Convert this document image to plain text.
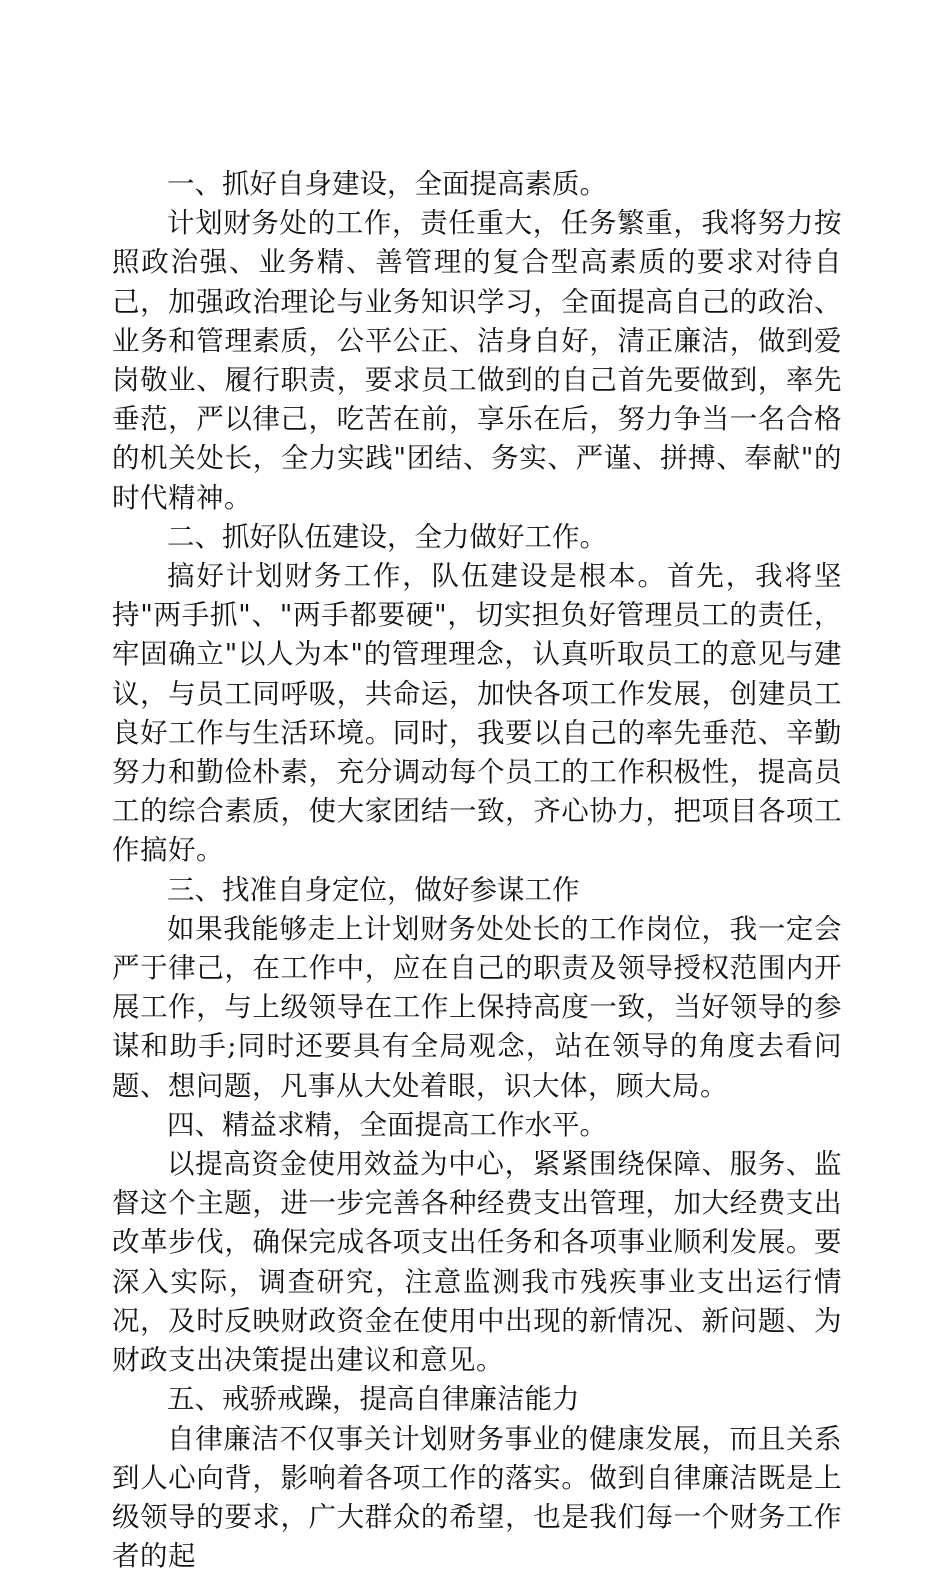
一、抓好自身建设，全面提高素质。

计划财务处的工作，责任重大，任务繁重，我将努力按照政治强、业务精、善管理的复合型高素质的要求对待自己，加强政治理论与业务知识学习，全面提高自己的政治、业务和管理素质，公平公正、洁身自好，清正廉洁，做到爱岗敬业、履行职责，要求员工做到的自己首先要做到，率先垂范，严以律己，吃苦在前，享乐在后，努力争当一名合格的机关处长，全力实践"团结、务实、严谨、拼搏、奉献"的时代精神。

二、抓好队伍建设，全力做好工作。

搞好计划财务工作，队伍建设是根本。首先，我将坚持"两手抓"、"两手都要硬"，切实担负好管理员工的责任，牢固确立"以人为本"的管理理念，认真听取员工的意见与建议，与员工同呼吸，共命运，加快各项工作发展，创建员工良好工作与生活环境。同时，我要以自己的率先垂范、辛勤努力和勤俭朴素，充分调动每个员工的工作积极性，提高员工的综合素质，使大家团结一致，齐心协力，把项目各项工作搞好。

三、找准自身定位，做好参谋工作

如果我能够走上计划财务处处长的工作岗位，我一定会严于律己，在工作中，应在自己的职责及领导授权范围内开展工作，与上级领导在工作上保持高度一致，当好领导的参谋和助手;同时还要具有全局观念，站在领导的角度去看问题、想问题，凡事从大处着眼，识大体，顾大局。

四、精益求精，全面提高工作水平。

以提高资金使用效益为中心，紧紧围绕保障、服务、监督这个主题，进一步完善各种经费支出管理，加大经费支出改革步伐，确保完成各项支出任务和各项事业顺利发展。要深入实际，调查研究，注意监测我市残疾事业支出运行情况，及时反映财政资金在使用中出现的新情况、新问题、为财政支出决策提出建议和意见。

五、戒骄戒躁，提高自律廉洁能力

自律廉洁不仅事关计划财务事业的健康发展，而且关系到人心向背，影响着各项工作的落实。做到自律廉洁既是上级领导的要求，广大群众的希望，也是我们每一个财务工作者的起
